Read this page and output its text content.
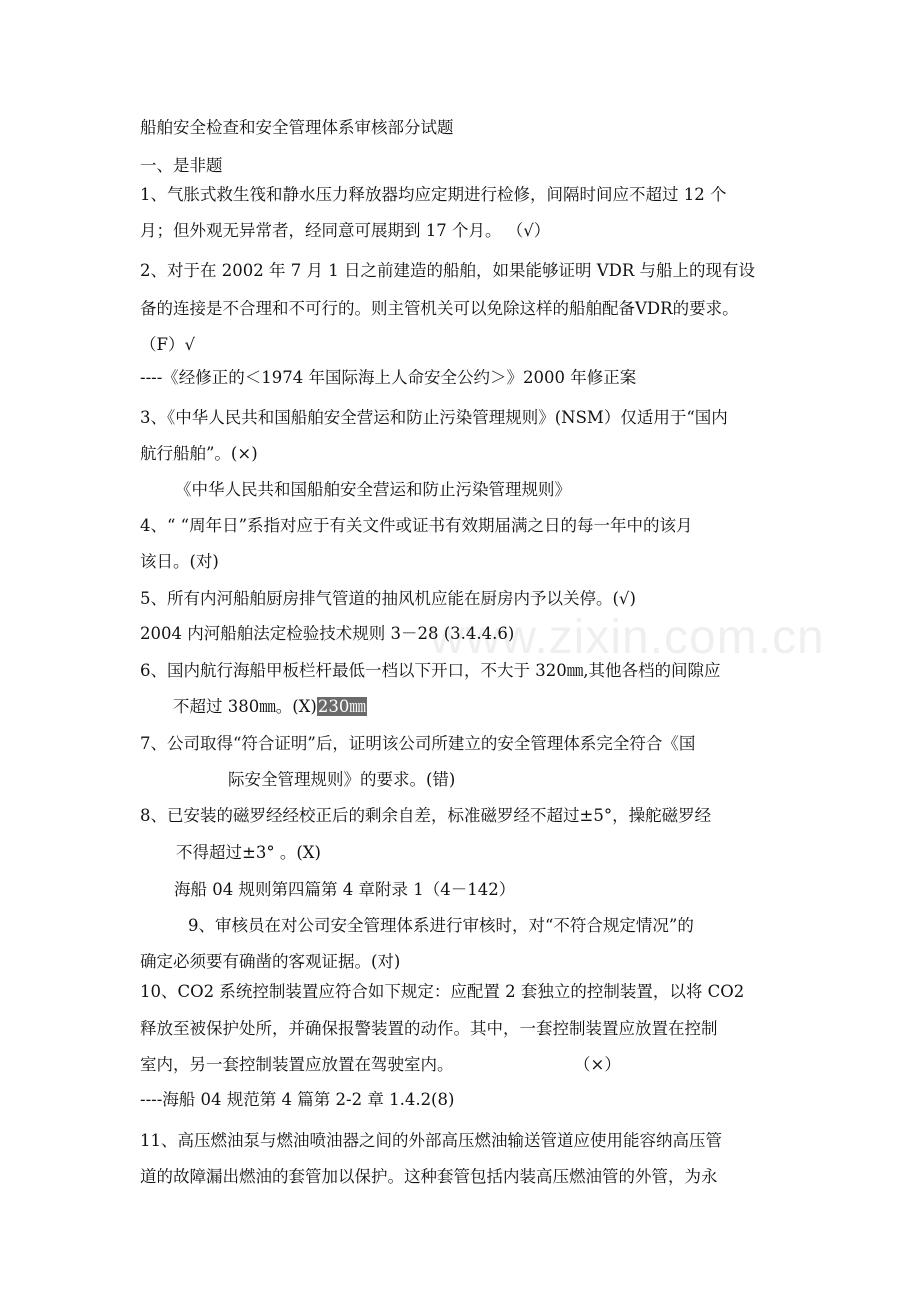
www.zixin.com.cn
船舶安全检查和安全管理体系审核部分试题
一、是非题
1、气胀式救生筏和静水压力释放器均应定期进行检修，间隔时间应不超过 12 个
月；但外观无异常者，经同意可展期到 17 个月。 （√）
2、对于在 2002 年 7 月 1 日之前建造的船舶，如果能够证明 VDR 与船上的现有设
备的连接是不合理和不可行的。则主管机关可以免除这样的船舶配备VDR的要求。
（F）√
----《经修正的＜1974 年国际海上人命安全公约＞》2000 年修正案
3、《中华人民共和国船舶安全营运和防止污染管理规则》(NSM）仅适用于“国内
航行船舶”。(×)
《中华人民共和国船舶安全营运和防止污染管理规则》
4、“ “周年日”系指对应于有关文件或证书有效期届满之日的每一年中的该月
该日。(对)
5、所有内河船舶厨房排气管道的抽风机应能在厨房内予以关停。(√)
2004 内河船舶法定检验技术规则 3－28 (3.4.4.6)
6、国内航行海船甲板栏杆最低一档以下开口，不大于 320㎜,其他各档的间隙应
不超过 380㎜。(X)230㎜
7、公司取得“符合证明”后，证明该公司所建立的安全管理体系完全符合《国
际安全管理规则》的要求。(错)
8、已安装的磁罗经经校正后的剩余自差，标准磁罗经不超过±5°，操舵磁罗经
不得超过±3° 。(X)
海船 04 规则第四篇第 4 章附录 1（4－142）
9、审核员在对公司安全管理体系进行审核时，对“不符合规定情况”的
确定必须要有确凿的客观证据。(对)
10、CO2 系统控制装置应符合如下规定：应配置 2 套独立的控制装置，以将 CO2
释放至被保护处所，并确保报警装置的动作。其中，一套控制装置应放置在控制
室内，另一套控制装置应放置在驾驶室内。	（×）
----海船 04 规范第 4 篇第 2-2 章 1.4.2(8)
11、高压燃油泵与燃油喷油器之间的外部高压燃油输送管道应使用能容纳高压管
道的故障漏出燃油的套管加以保护。这种套管包括内装高压燃油管的外管，为永
